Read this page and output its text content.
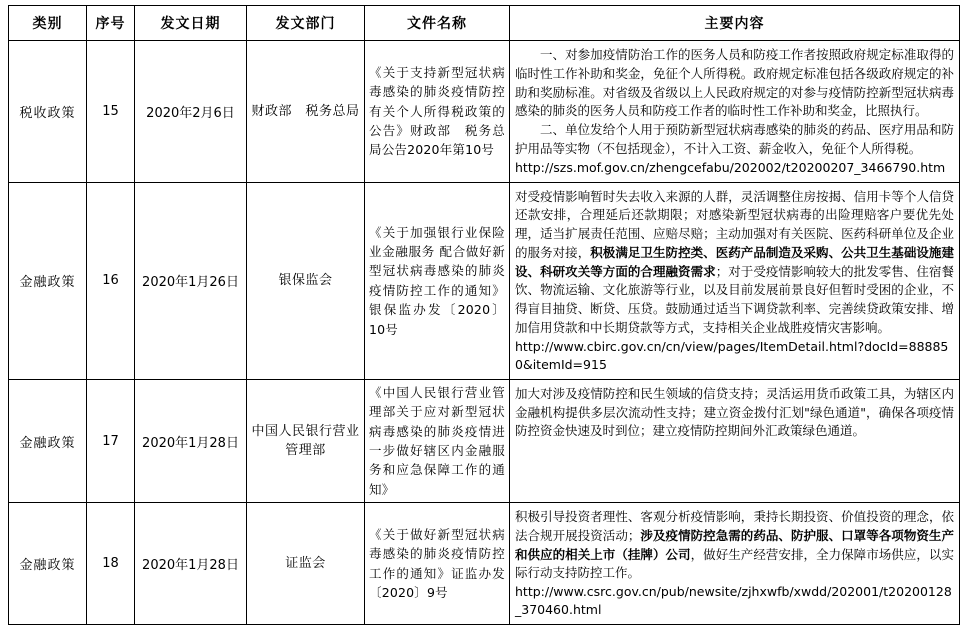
类别	序号	发文日期	发文部门	文件名称	主要内容
税收政策	15	2020年2月6日	财政部　税务总局	《关于支持新型冠状病毒感染的肺炎疫情防控有关个人所得税政策的公告》财政部　税务总局公告2020年第10号	一、对参加疫情防治工作的医务人员和防疫工作者按照政府规定标准取得的临时性工作补助和奖金，免征个人所得税。政府规定标准包括各级政府规定的补助和奖励标准。对省级及省级以上人民政府规定的对参与疫情防控新型冠状病毒感染的肺炎的医务人员和防疫工作者的临时性工作补助和奖金，比照执行。

二、单位发给个人用于预防新型冠状病毒感染的肺炎的药品、医疗用品和防护用品等实物（不包括现金），不计入工资、薪金收入，免征个人所得税。

http://szs.mof.gov.cn/zhengcefabu/202002/t20200207_3466790.htm

金融政策	16	2020年1月26日	银保监会	《关于加强银行业保险业金融服务 配合做好新型冠状病毒感染的肺炎疫情防控工作的通知》银保监办发〔2020〕10号	对受疫情影响暂时失去收入来源的人群，灵活调整住房按揭、信用卡等个人信贷还款安排，合理延后还款期限；对感染新型冠状病毒的出险理赔客户要优先处理，适当扩展责任范围、应赔尽赔；主动加强对有关医院、医药科研单位及企业的服务对接，积极满足卫生防控类、医药产品制造及采购、公共卫生基础设施建设、科研攻关等方面的合理融资需求；对于受疫情影响较大的批发零售、住宿餐饮、物流运输、文化旅游等行业，以及目前发展前景良好但暂时受困的企业，不得盲目抽贷、断贷、压贷。鼓励通过适当下调贷款利率、完善续贷政策安排、增加信用贷款和中长期贷款等方式，支持相关企业战胜疫情灾害影响。

http://www.cbirc.gov.cn/cn/view/pages/ItemDetail.html?docId=888850&itemId=915

金融政策	17	2020年1月28日	中国人民银行营业管理部	《中国人民银行营业管理部关于应对新型冠状病毒感染的肺炎疫情进一步做好辖区内金融服务和应急保障工作的通知》	加大对涉及疫情防控和民生领域的信贷支持；灵活运用货币政策工具，为辖区内金融机构提供多层次流动性支持；建立资金拨付汇划"绿色通道"，确保各项疫情防控资金快速及时到位；建立疫情防控期间外汇政策绿色通道。

金融政策	18	2020年1月28日	证监会	《关于做好新型冠状病毒感染的肺炎疫情防控工作的通知》证监办发〔2020〕9号	积极引导投资者理性、客观分析疫情影响，秉持长期投资、价值投资的理念，依法合规开展投资活动；涉及疫情防控急需的药品、防护服、口罩等各项物资生产和供应的相关上市（挂牌）公司，做好生产经营安排，全力保障市场供应，以实际行动支持防控工作。

http://www.csrc.gov.cn/pub/newsite/zjhxwfb/xwdd/202001/t20200128_370460.html
